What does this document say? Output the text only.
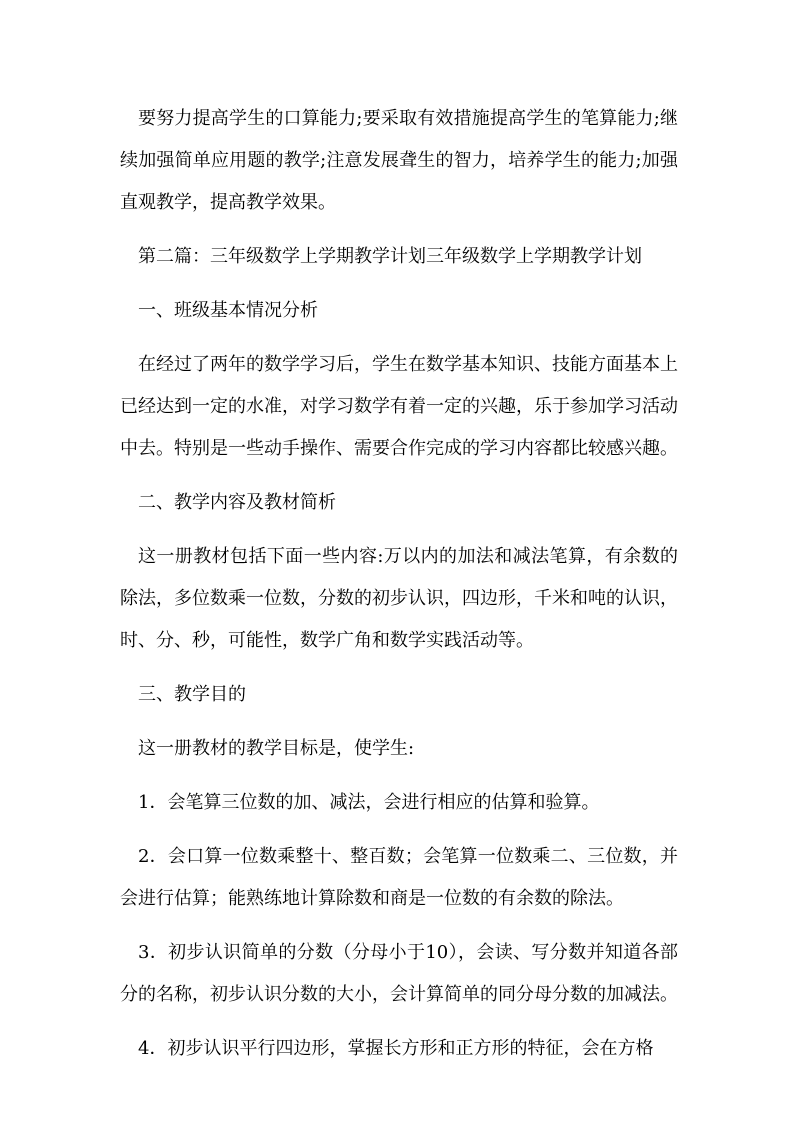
要努力提高学生的口算能力;要采取有效措施提高学生的笔算能力;继续加强简单应用题的教学;注意发展聋生的智力，培养学生的能力;加强直观教学，提高教学效果。

第二篇：三年级数学上学期教学计划三年级数学上学期教学计划

一、班级基本情况分析

在经过了两年的数学学习后，学生在数学基本知识、技能方面基本上已经达到一定的水准，对学习数学有着一定的兴趣，乐于参加学习活动中去。特别是一些动手操作、需要合作完成的学习内容都比较感兴趣。

二、教学内容及教材简析

这一册教材包括下面一些内容:万以内的加法和减法笔算，有余数的除法，多位数乘一位数，分数的初步认识，四边形，千米和吨的认识，时、分、秒，可能性，数学广角和数学实践活动等。

三、教学目的

这一册教材的教学目标是，使学生:

1．会笔算三位数的加、减法，会进行相应的估算和验算。

2．会口算一位数乘整十、整百数；会笔算一位数乘二、三位数，并会进行估算；能熟练地计算除数和商是一位数的有余数的除法。

3．初步认识简单的分数（分母小于10），会读、写分数并知道各部分的名称，初步认识分数的大小，会计算简单的同分母分数的加减法。

4．初步认识平行四边形，掌握长方形和正方形的特征，会在方格
